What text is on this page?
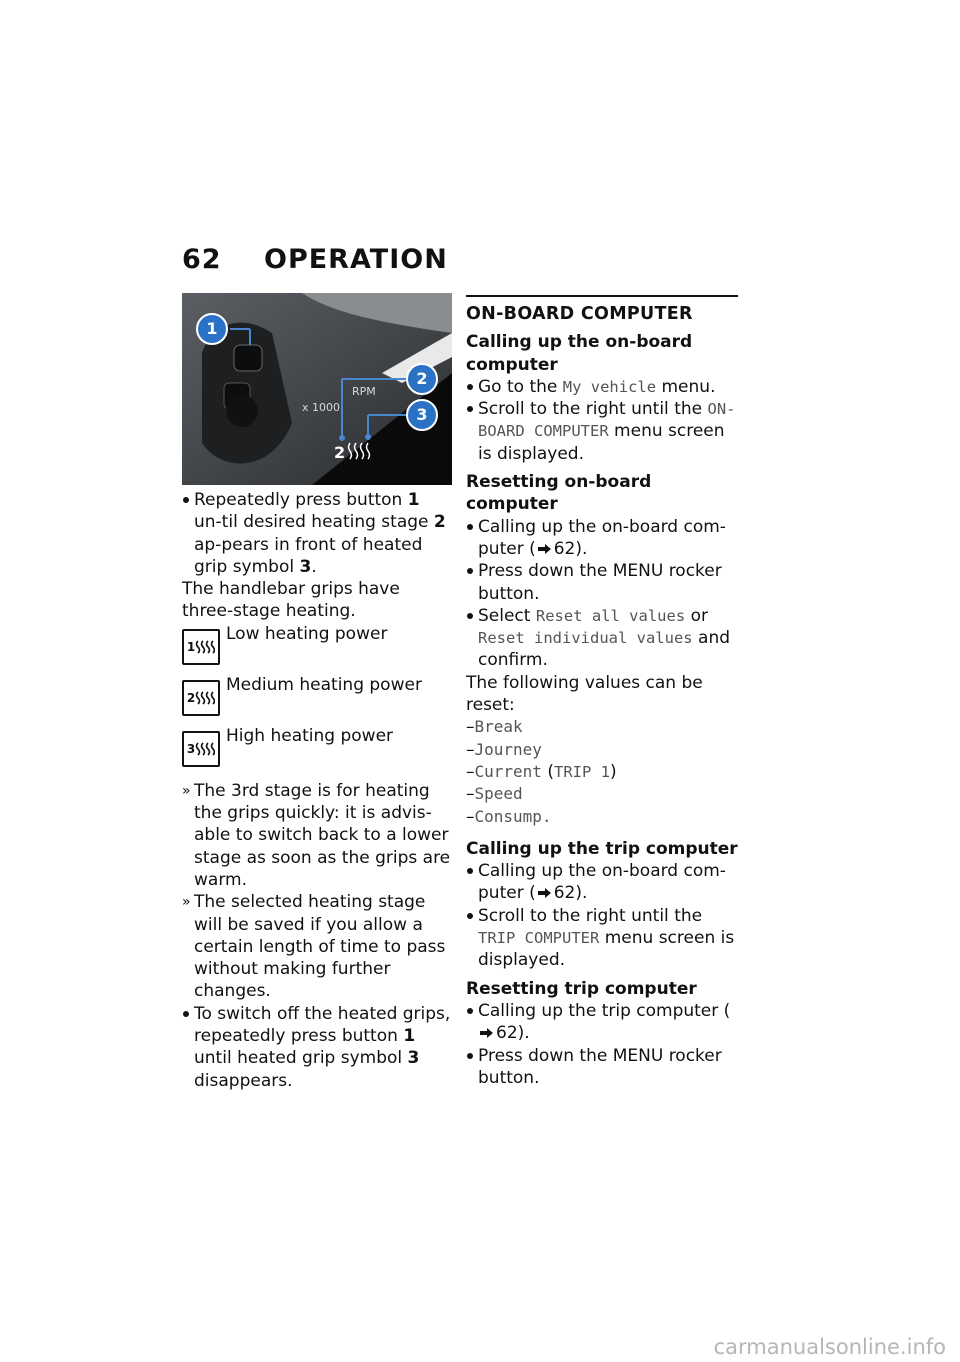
62 OPERATION
RPM
x 1000
2
1
2
3
Repeatedly press button 1 un-til desired heating stage 2 ap-pears in front of heated grip symbol 3.
The handlebar grips have three-stage heating.
1
Low heating power
2
Medium heating power
3
High heating power
» The 3rd stage is for heating the grips quickly: it is advis-able to switch back to a lower stage as soon as the grips are warm.
» The selected heating stage will be saved if you allow a certain length of time to pass without making further changes.
To switch off the heated grips, repeatedly press button 1 until heated grip symbol 3 disappears.
ON-BOARD COMPUTER
Calling up the on-board computer
Go to the My vehicle menu.
Scroll to the right until the ON-BOARD COMPUTER menu screen is displayed.
Resetting on-board computer
Calling up the on-board com-puter ( 62).
Press down the MENU rocker button.
Select Reset all values or Reset individual values and confirm.
The following values can be reset:
–Break
–Journey
–Current (TRIP 1)
–Speed
–Consump.
Calling up the trip computer
Calling up the on-board com-puter ( 62).
Scroll to the right until the TRIP COMPUTER menu screen is displayed.
Resetting trip computer
Calling up the trip computer (62).
Press down the MENU rocker button.
carmanualsonline.info
